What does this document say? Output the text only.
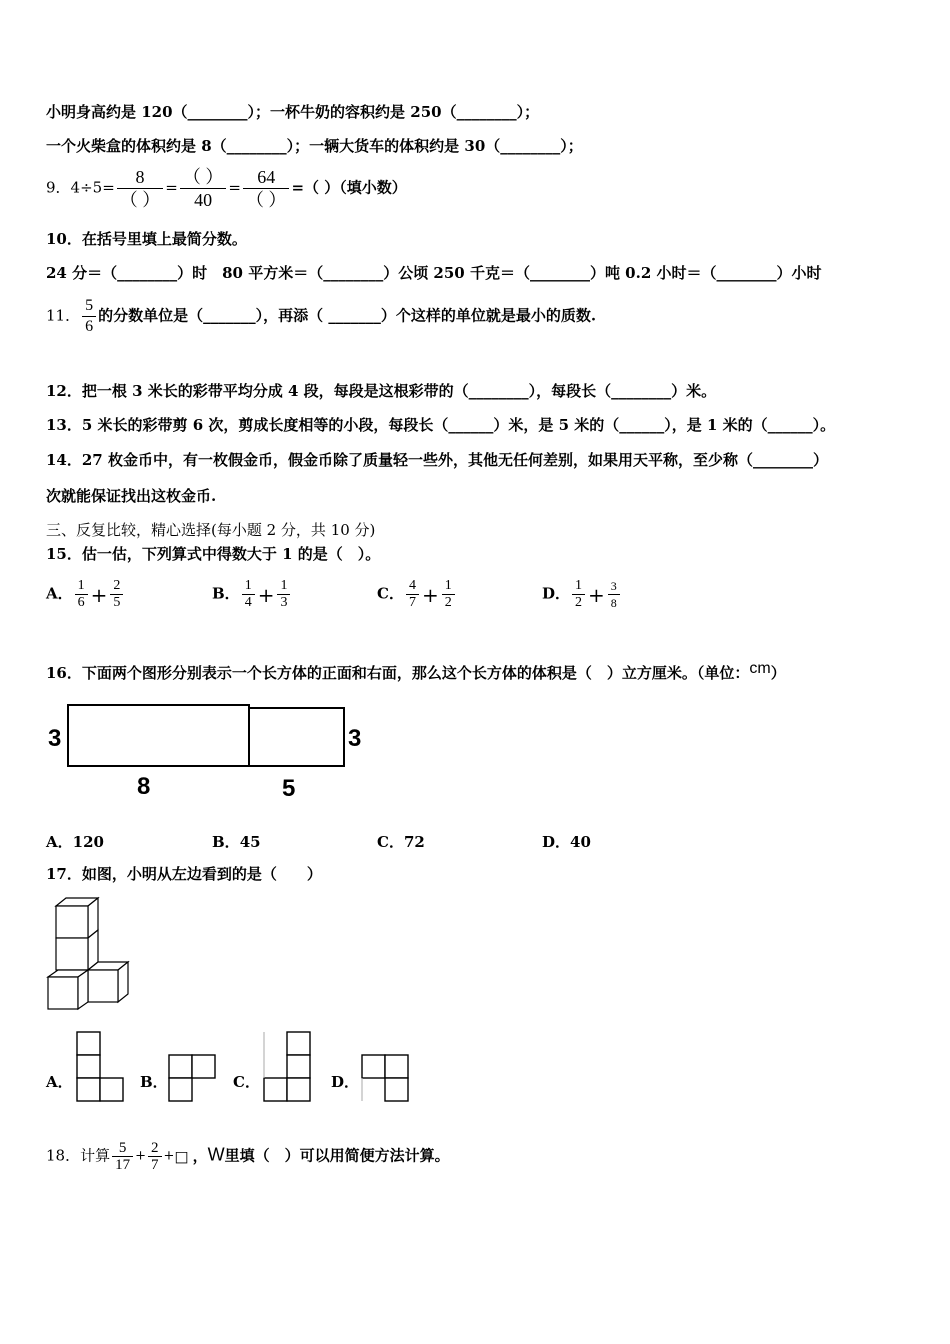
小明身高约是 120（________）；一杯牛奶的容积约是 250（________）；
一个火柴盒的体积约是 8（________）；一辆大货车的体积约是 30（________）；
9．$4\div 5= \frac{8}{( )} = \frac{( )}{40} = \frac{64}{( )}$ =（ ）（填小数）
10．在括号里填上最简分数。
24 分＝（________）时　80 平方米＝（________）公顷 250 千克＝（________）吨 0.2 小时＝（________）小时
11． $\frac{5}{6}$ 的分数单位是（_______），再添（ _______）个这样的单位就是最小的质数.
12．把一根 3 米长的彩带平均分成 4 段，每段是这根彩带的（________），每段长（________）米。
13．5 米长的彩带剪 6 次，剪成长度相等的小段，每段长（______）米，是 5 米的（______），是 1 米的（______）。
14．27 枚金币中，有一枚假金币，假金币除了质量轻一些外，其他无任何差别，如果用天平称，至少称（________）
次就能保证找出这枚金币.
三、反复比较，精心选择(每小题 2 分，共 10 分)
15．估一估，下列算式中得数大于 1 的是（　）。
A． $\frac{1}{6} + \frac{2}{5}$	B． $\frac{1}{4} + \frac{1}{3}$	C． $\frac{4}{7} + \frac{1}{2}$	D． $\frac{1}{2} + \frac{3}{8}$
16．下面两个图形分别表示一个长方体的正面和右面，那么这个长方体的体积是（　）立方厘米。（单位：cm）
3
8
3
5
A．120	B．45	C．72	D．40
17．如图，小明从左边看到的是（　　）
A．	B．	C．	D．
18．计算 $\frac{5}{17} + \frac{2}{7}$ +□ ，W里填（　）可以用简便方法计算。
